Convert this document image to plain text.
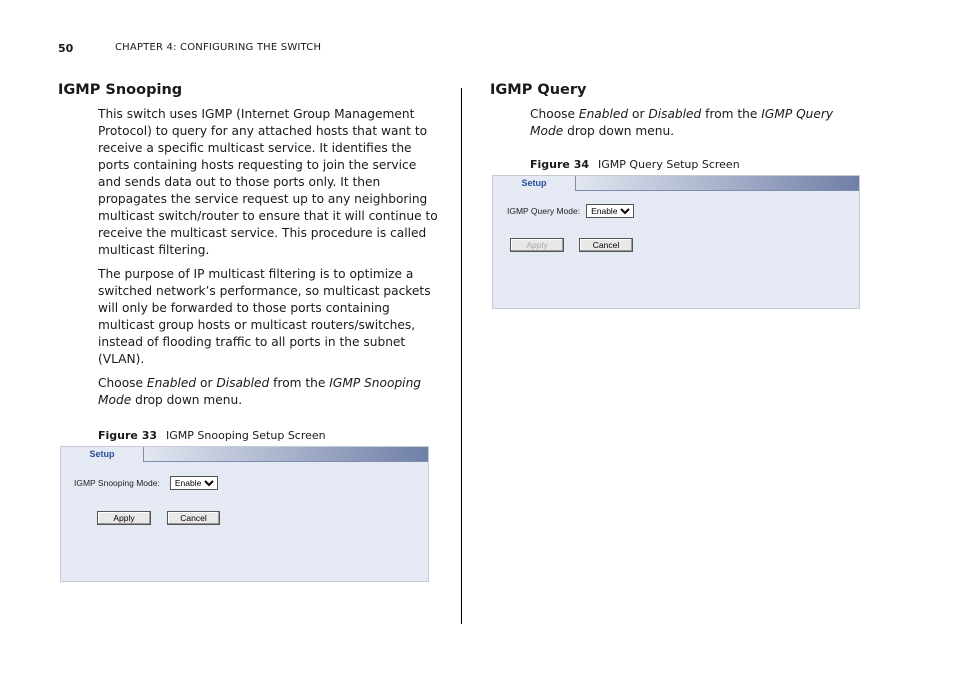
50	CHAPTER 4: CONFIGURING THE SWITCH
IGMP Snooping

This switch uses IGMP (Internet Group Management Protocol) to query for any attached hosts that want to receive a specific multicast service. It identifies the ports containing hosts requesting to join the service and sends data out to those ports only. It then propagates the service request up to any neighboring multicast switch/router to ensure that it will continue to receive the multicast service. This procedure is called multicast filtering.

The purpose of IP multicast filtering is to optimize a switched network’s performance, so multicast packets will only be forwarded to those ports containing multicast group hosts or multicast routers/switches, instead of flooding traffic to all ports in the subnet (VLAN).

Choose Enabled or Disabled from the IGMP Snooping Mode drop down menu.

Figure 33 IGMP Snooping Setup Screen
Setup
IGMP Snooping Mode:
Enable
Apply	Cancel
IGMP Query

Choose Enabled or Disabled from the IGMP Query Mode drop down menu.

Figure 34 IGMP Query Setup Screen
Setup
IGMP Query Mode:
Enable
Apply	Cancel
